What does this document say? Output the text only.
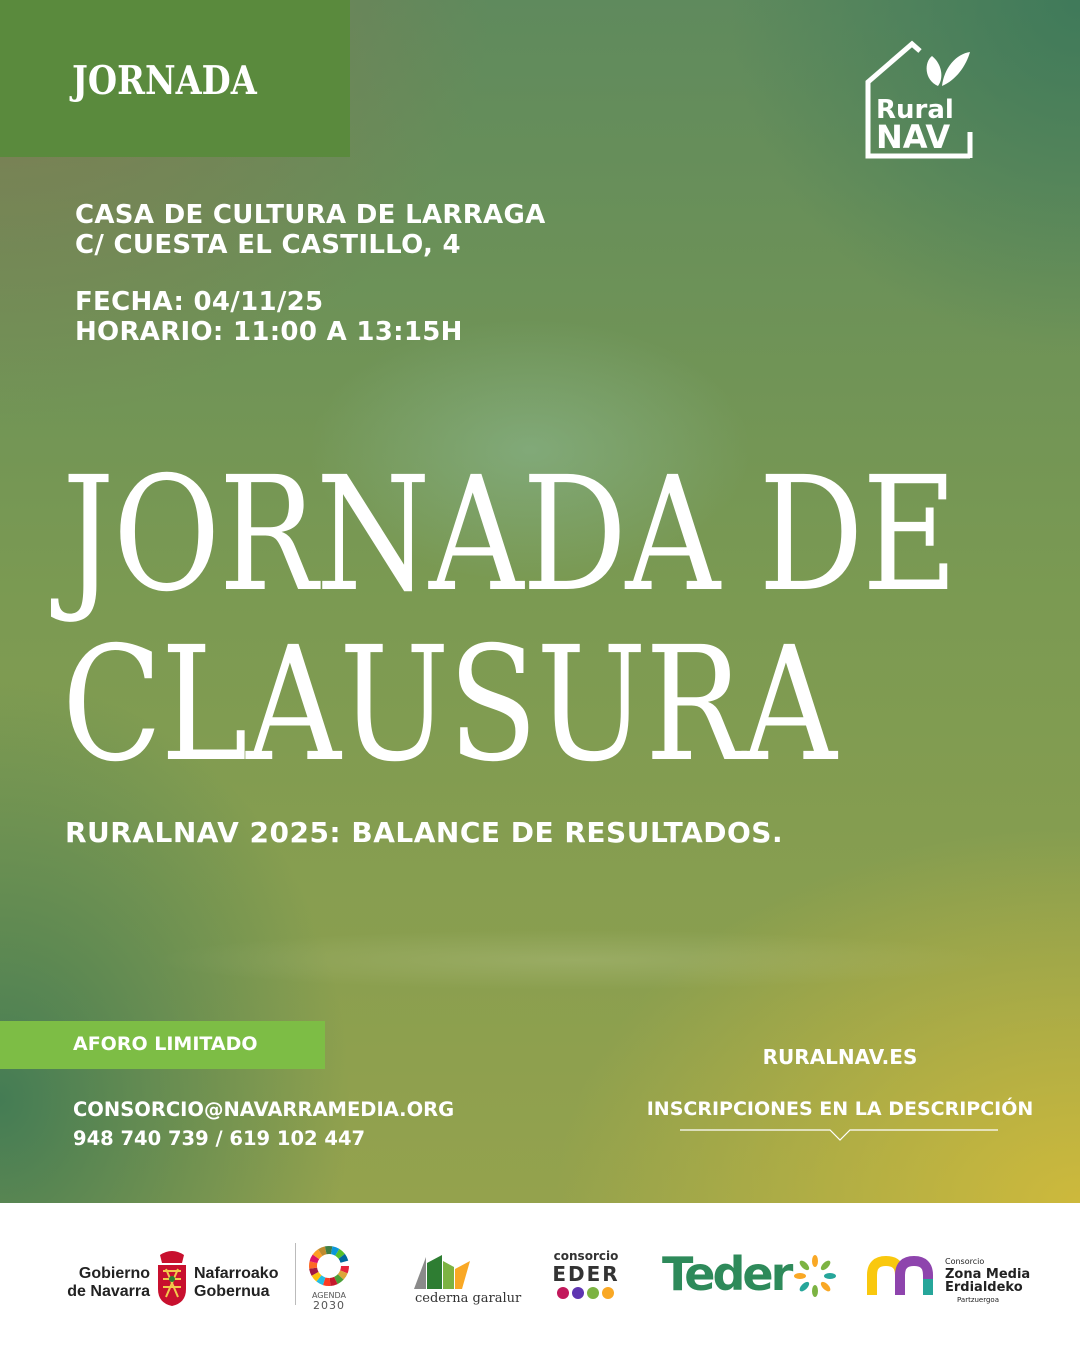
JORNADA
Rural
NAV
CASA DE CULTURA DE LARRAGA
C/ CUESTA EL CASTILLO, 4
FECHA: 04/11/25
HORARIO: 11:00 A 13:15H
JORNADA DE
CLAUSURA
RURALNAV 2025: BALANCE DE RESULTADOS.
AFORO LIMITADO
CONSORCIO@NAVARRAMEDIA.ORG
948 740 739 / 619 102 447
RURALNAV.ES
INSCRIPCIONES EN LA DESCRIPCIÓN
Gobierno
de Navarra
Nafarroako
Gobernua	AGENDA
2030	cederna garalur
consorcio
EDER Teder	Consorcio
Zona Media
Erdialdeko
Partzuergoa
